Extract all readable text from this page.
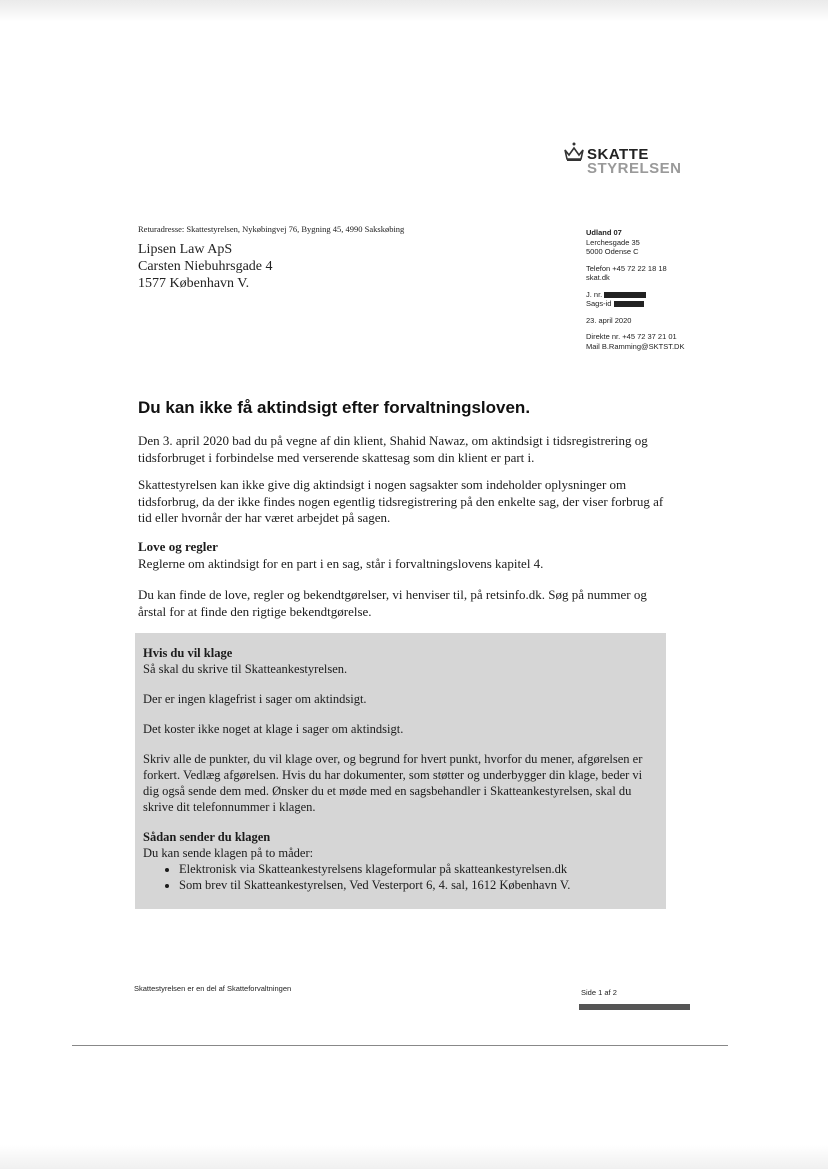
SKATTE
STYRELSEN
Returadresse: Skattestyrelsen, Nykøbingvej 76, Bygning 45, 4990 Sakskøbing
Lipsen Law ApS
Carsten Niebuhrsgade 4
1577 København V.
Udland 07
Lerchesgade 35
5000 Odense C
Telefon +45 72 22 18 18
skat.dk
J. nr.
Sags-id
23. april 2020
Direkte nr. +45 72 37 21 01
Mail B.Ramming@SKTST.DK
Du kan ikke få aktindsigt efter forvaltningsloven.

Den 3. april 2020 bad du på vegne af din klient, Shahid Nawaz, om aktindsigt i tidsregistrering og tidsforbruget i forbindelse med verserende skattesag som din klient er part i.

Skattestyrelsen kan ikke give dig aktindsigt i nogen sagsakter som indeholder oplysninger om tidsforbrug, da der ikke findes nogen egentlig tidsregistrering på den enkelte sag, der viser forbrug af tid eller hvornår der har været arbejdet på sagen.

Love og regler

Reglerne om aktindsigt for en part i en sag, står i forvaltningslovens kapitel 4.

Du kan finde de love, regler og bekendtgørelser, vi henviser til, på retsinfo.dk. Søg på nummer og årstal for at finde den rigtige bekendtgørelse.

Hvis du vil klage

Så skal du skrive til Skatteankestyrelsen.

Der er ingen klagefrist i sager om aktindsigt.

Det koster ikke noget at klage i sager om aktindsigt.

Skriv alle de punkter, du vil klage over, og begrund for hvert punkt, hvorfor du mener, afgørelsen er forkert. Vedlæg afgørelsen. Hvis du har dokumenter, som støtter og underbygger din klage, beder vi dig også sende dem med. Ønsker du et møde med en sagsbehandler i Skatteankestyrelsen, skal du skrive dit telefonnummer i klagen.

Sådan sender du klagen

Du kan sende klagen på to måder:

• Elektronisk via Skatteankestyrelsens klageformular på skatteankestyrelsen.dk
• Som brev til Skatteankestyrelsen, Ved Vesterport 6, 4. sal, 1612 København V.
Skattestyrelsen er en del af Skatteforvaltningen	Side 1 af 2
